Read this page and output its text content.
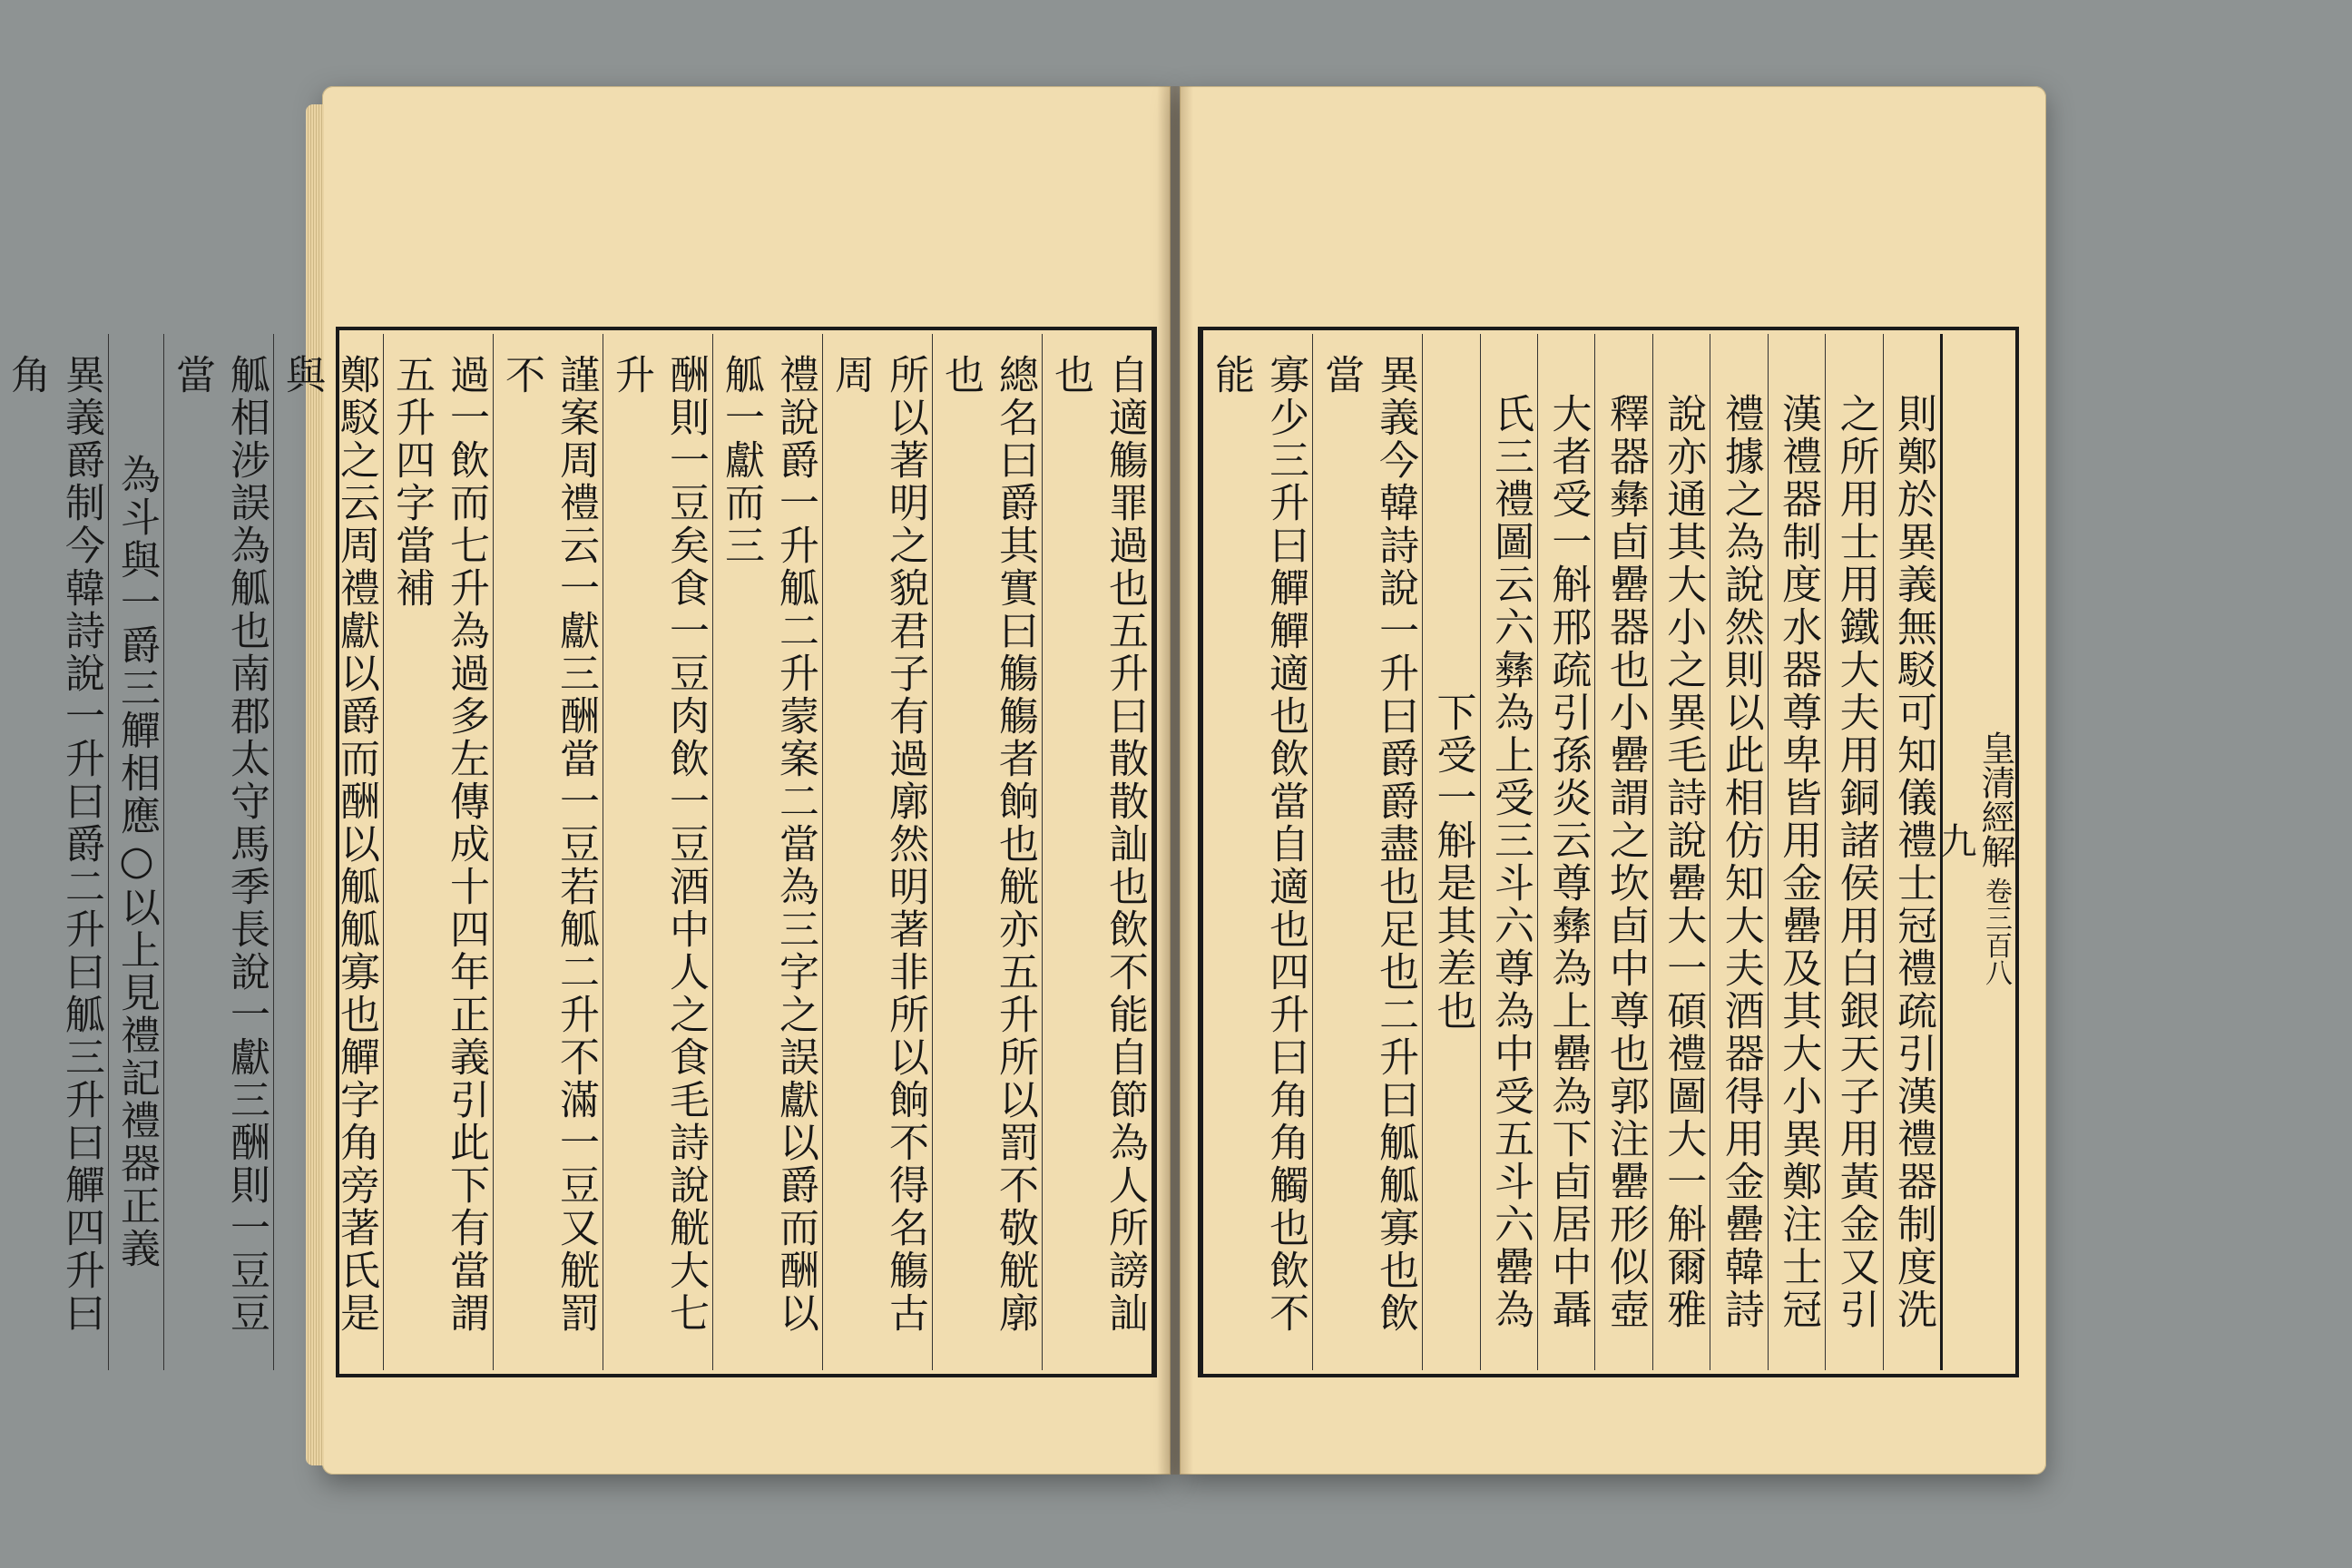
自適觴罪過也五升曰散散訕也飲不能自節為人所謗訕也
總名曰爵其實曰觴觴者餉也觥亦五升所以罰不敬觥廓也
所以著明之貌君子有過廓然明著非所以餉不得名觴古周
禮說爵一升觚二升蒙案二當為三字之誤獻以爵而酬以觚一獻而三
酬則一豆矣食一豆肉飲一豆酒中人之食毛詩說觥大七升
謹案周禮云一獻三酬當一豆若觚二升不滿一豆又觥罰不
過一飲而七升為過多左傳成十四年正義引此下有當謂五升四字當補
鄭駁之云周禮獻以爵而酬以觚觚寡也觶字角旁著氏是與
觚相涉誤為觚也南郡太守馬季長說一獻三酬則一豆豆當
為斗與一爵三觶相應○以上見禮記禮器正義
異義爵制今韓詩說一升曰爵二升曰觚三升曰觶四升曰角
皇清經解 卷三百八
九
則鄭於異義無駁可知儀禮士冠禮疏引漢禮器制度洗
之所用士用鐵大夫用銅諸侯用白銀天子用黃金又引
漢禮器制度水器尊卑皆用金罍及其大小異鄭注士冠
禮據之為說然則以此相仿知大夫酒器得用金罍韓詩
說亦通其大小之異毛詩說罍大一碩禮圖大一斛爾雅
釋器彝卣罍器也小罍謂之坎卣中尊也郭注罍形似壺
大者受一斛邢疏引孫炎云尊彝為上罍為下卣居中聶
氏三禮圖云六彝為上受三斗六尊為中受五斗六罍為
下受一斛是其差也
異義今韓詩說一升曰爵爵盡也足也二升曰觚觚寡也飲當
寡少三升曰觶觶適也飲當自適也四升曰角角觸也飲不能
